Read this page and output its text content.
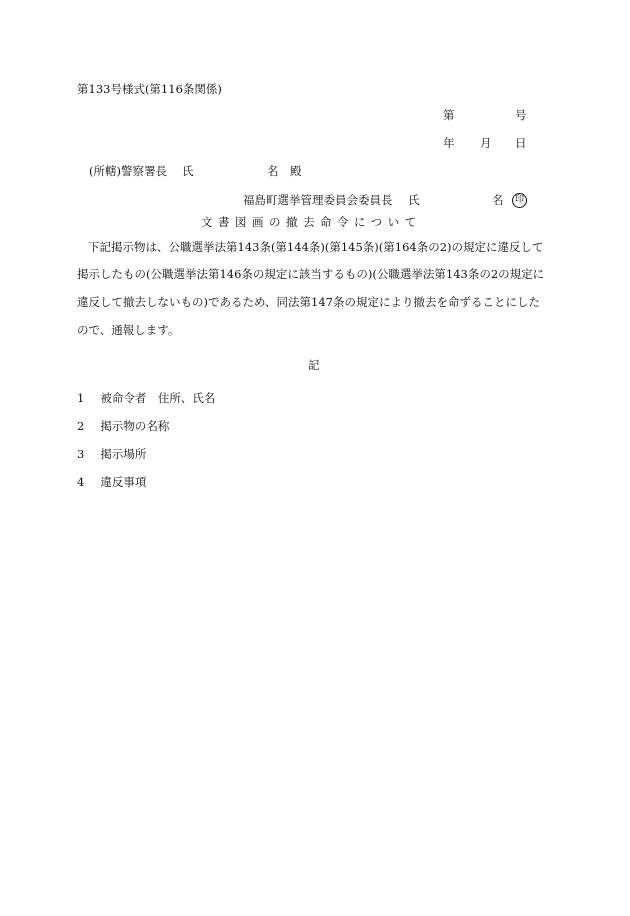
第133号様式(第116条関係)
第	号
年 月 日
(所轄)警察署長 氏	名 殿
福島町選挙管理委員会委員長 氏	名	印
文書図画の撤去命令について
下記掲示物は、公職選挙法第143条(第144条)(第145条)(第164条の2)の規定に違反して
掲示したもの(公職選挙法第146条の規定に該当するもの)(公職選挙法第143条の2の規定に
違反して撤去しないもの)であるため、同法第147条の規定により撤去を命ずることにした
ので、通報します。
記
1 被命令者　住所、氏名
2 掲示物の名称
3 掲示場所
4 違反事項
